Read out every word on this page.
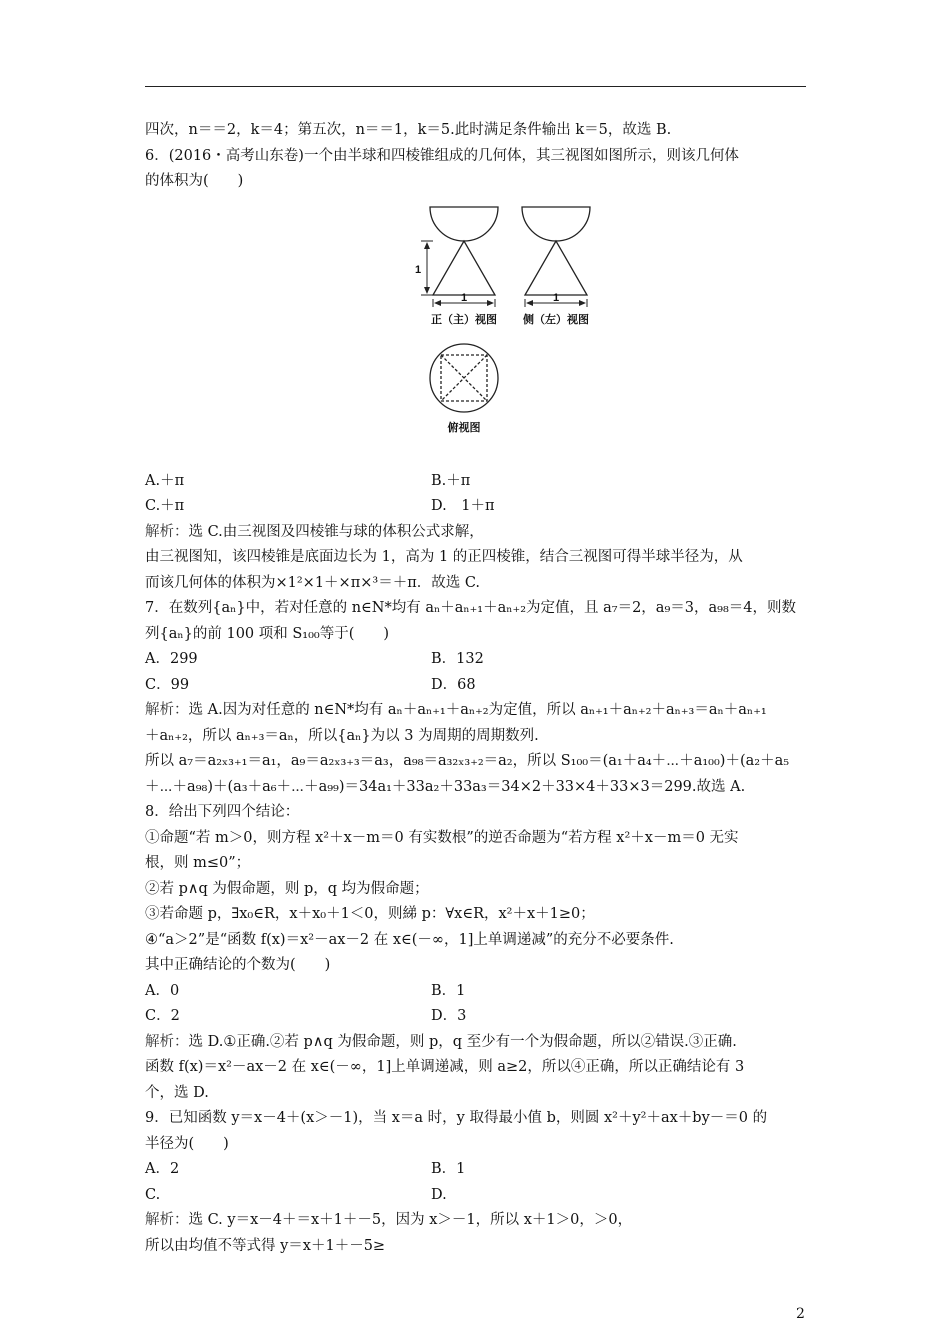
四次，n＝＝2，k＝4；第五次，n＝＝1，k＝5.此时满足条件输出 k＝5，故选 B.
6．(2016・高考山东卷)一个由半球和四棱锥组成的几何体，其三视图如图所示，则该几何体
的体积为(　　)
1
1	1
正（主）视图 侧（左）视图
俯视图
A.＋π	B.＋π
C.＋π	D.　1＋π
解析：选 C.由三视图及四棱锥与球的体积公式求解，
由三视图知，该四棱锥是底面边长为 1，高为 1 的正四棱锥，结合三视图可得半球半径为，从
而该几何体的体积为×1²×1＋×π×³＝＋π．故选 C.
7．在数列{aₙ}中，若对任意的 n∈N*均有 aₙ＋aₙ₊₁＋aₙ₊₂为定值，且 a₇＝2，a₉＝3，a₉₈＝4，则数
列{aₙ}的前 100 项和 S₁₀₀等于(　　)
A．299	B．132
C．99	D．68
解析：选 A.因为对任意的 n∈N*均有 aₙ＋aₙ₊₁＋aₙ₊₂为定值，所以 aₙ₊₁＋aₙ₊₂＋aₙ₊₃＝aₙ＋aₙ₊₁
＋aₙ₊₂，所以 aₙ₊₃＝aₙ，所以{aₙ}为以 3 为周期的周期数列.
所以 a₇＝a₂ₓ₃₊₁＝a₁，a₉＝a₂ₓ₃₊₃＝a₃，a₉₈＝a₃₂ₓ₃₊₂＝a₂，所以 S₁₀₀＝(a₁＋a₄＋⋯＋a₁₀₀)＋(a₂＋a₅
＋⋯＋a₉₈)＋(a₃＋a₆＋⋯＋a₉₉)＝34a₁＋33a₂＋33a₃＝34×2＋33×4＋33×3＝299.故选 A.
8．给出下列四个结论：
①命题“若 m＞0，则方程 x²＋x－m＝0 有实数根”的逆否命题为“若方程 x²＋x－m＝0 无实
根，则 m≤0”；
②若 p∧q 为假命题，则 p，q 均为假命题；
③若命题 p，∃x₀∈R，x＋x₀＋1＜0，则綈 p：∀x∈R，x²＋x＋1≥0；
④“a＞2”是“函数 f(x)＝x²－ax－2 在 x∈(－∞，1]上单调递减”的充分不必要条件.
其中正确结论的个数为(　　)
A．0	B．1
C．2	D．3
解析：选 D.①正确.②若 p∧q 为假命题，则 p，q 至少有一个为假命题，所以②错误.③正确.
函数 f(x)＝x²－ax－2 在 x∈(－∞，1]上单调递减，则 a≥2，所以④正确，所以正确结论有 3
个，选 D.
9．已知函数 y＝x－4＋(x＞－1)，当 x＝a 时，y 取得最小值 b，则圆 x²＋y²＋ax＋by－＝0 的
半径为(　　)
A．2	B．1
C.	D.
解析：选 C. y＝x－4＋＝x＋1＋－5，因为 x＞－1，所以 x＋1＞0，＞0，
所以由均值不等式得 y＝x＋1＋－5≥
2
